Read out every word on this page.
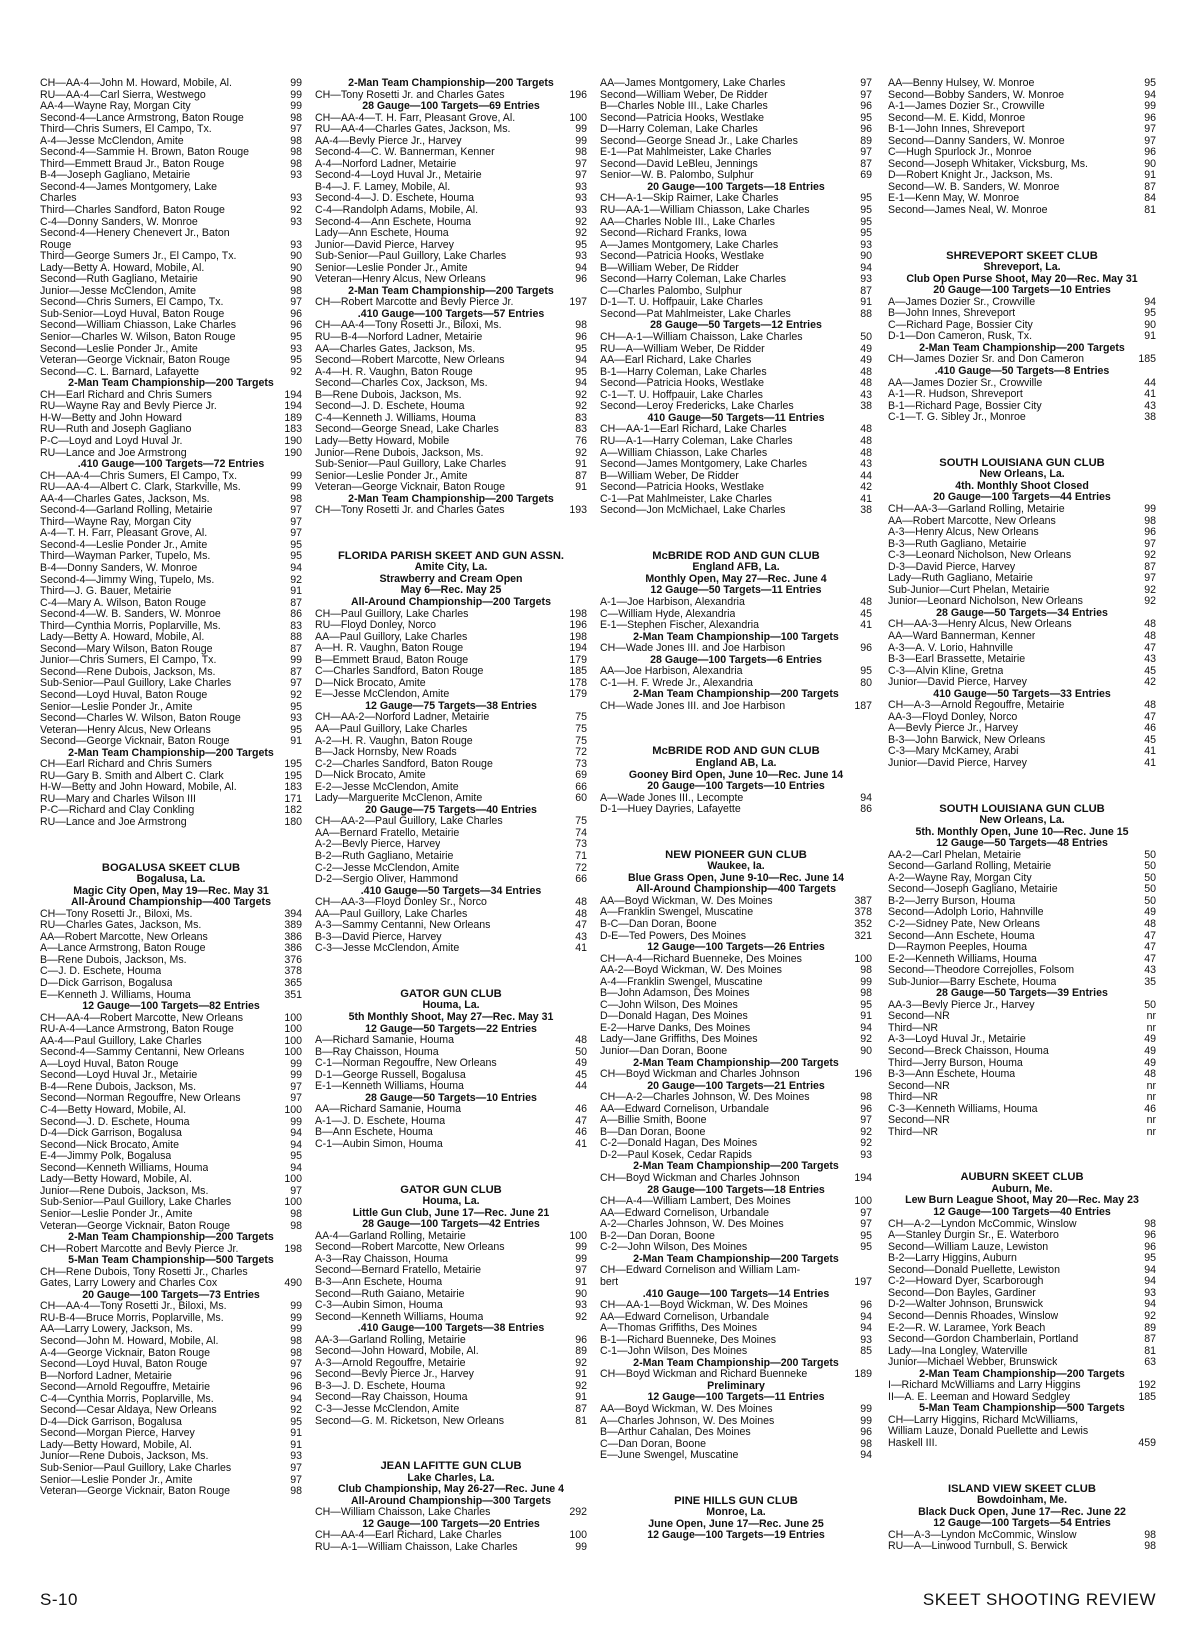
CH—AA-4—John M. Howard, Mobile, Al.	99
RU—AA-4—Carl Sierra, Westwego	99
AA-4—Wayne Ray, Morgan City	99
Second-4—Lance Armstrong, Baton Rouge	98
Third—Chris Sumers, El Campo, Tx.	97
A-4—Jesse McClendon, Amite	98
Second-4—Sammie H. Brown, Baton Rouge	98
Third—Emmett Braud Jr., Baton Rouge	98
B-4—Joseph Gagliano, Metairie	93
Second-4—James Montgomery, Lake
Charles	93
Third—Charles Sandford, Baton Rouge	92
C-4—Donny Sanders, W. Monroe	93
Second-4—Henery Chenevert Jr., Baton
Rouge	93
Third—George Sumers Jr., El Campo, Tx.	90
Lady—Betty A. Howard, Mobile, Al.	90
Second—Ruth Gagliano, Metairie	90
Junior—Jesse McClendon, Amite	98
Second—Chris Sumers, El Campo, Tx.	97
Sub-Senior—Loyd Huval, Baton Rouge	96
Second—William Chiasson, Lake Charles	96
Senior—Charles W. Wilson, Baton Rouge	95
Second—Leslie Ponder Jr., Amite	93
Veteran—George Vicknair, Baton Rouge	95
Second—C. L. Barnard, Lafayette	92
2-Man Team Championship—200 Targets
CH—Earl Richard and Chris Sumers	194
RU—Wayne Ray and Bevly Pierce Jr.	194
H-W—Betty and John Howard	189
RU—Ruth and Joseph Gagliano	183
P-C—Loyd and Loyd Huval Jr.	190
RU—Lance and Joe Armstrong	190
.410 Gauge—100 Targets—72 Entries
CH—AA-4—Chris Sumers, El Campo, Tx.	99
RU—AA-4—Albert C. Clark, Starkville, Ms.	99
AA-4—Charles Gates, Jackson, Ms.	98
Second-4—Garland Rolling, Metairie	97
Third—Wayne Ray, Morgan City	97
A-4—T. H. Farr, Pleasant Grove, Al.	97
Second-4—Leslie Ponder Jr., Amite	95
Third—Wayman Parker, Tupelo, Ms.	95
B-4—Donny Sanders, W. Monroe	94
Second-4—Jimmy Wing, Tupelo, Ms.	92
Third—J. G. Bauer, Metairie	91
C-4—Mary A. Wilson, Baton Rouge	87
Second-4—W. B. Sanders, W. Monroe	86
Third—Cynthia Morris, Poplarville, Ms.	83
Lady—Betty A. Howard, Mobile, Al.	88
Second—Mary Wilson, Baton Rouge	87
Junior—Chris Sumers, El Campo, Tx.	99
Second—Rene Dubois, Jackson, Ms.	87
Sub-Senior—Paul Guillory, Lake Charles	97
Second—Loyd Huval, Baton Rouge	92
Senior—Leslie Ponder Jr., Amite	95
Second—Charles W. Wilson, Baton Rouge	93
Veteran—Henry Alcus, New Orleans	95
Second—George Vicknair, Baton Rouge	91
2-Man Team Championship—200 Targets
CH—Earl Richard and Chris Sumers	195
RU—Gary B. Smith and Albert C. Clark	195
H-W—Betty and John Howard, Mobile, Al.	183
RU—Mary and Charles Wilson III	171
P-C—Richard and Clay Conkling	182
RU—Lance and Joe Armstrong	180
BOGALUSA SKEET CLUB
Bogalusa, La.
Magic City Open, May 19—Rec. May 31
All-Around Championship—400 Targets
CH—Tony Rosetti Jr., Biloxi, Ms.	394
RU—Charles Gates, Jackson, Ms.	389
AA—Robert Marcotte, New Orleans	386
A—Lance Armstrong, Baton Rouge	386
B—Rene Dubois, Jackson, Ms.	376
C—J. D. Eschete, Houma	378
D—Dick Garrison, Bogalusa	365
E—Kenneth J. Williams, Houma	351
12 Gauge—100 Targets—82 Entries
CH—AA-4—Robert Marcotte, New Orleans	100
RU-A-4—Lance Armstrong, Baton Rouge	100
AA-4—Paul Guillory, Lake Charles	100
Second-4—Sammy Centanni, New Orleans	100
A—Loyd Huval, Baton Rouge	99
Second—Loyd Huval Jr., Metairie	99
B-4—Rene Dubois, Jackson, Ms.	97
Second—Norman Regouffre, New Orleans	97
C-4—Betty Howard, Mobile, Al.	100
Second—J. D. Eschete, Houma	99
D-4—Dick Garrison, Bogalusa	94
Second—Nick Brocato, Amite	94
E-4—Jimmy Polk, Bogalusa	95
Second—Kenneth Williams, Houma	94
Lady—Betty Howard, Mobile, Al.	100
Junior—Rene Dubois, Jackson, Ms.	97
Sub-Senior—Paul Guillory, Lake Charles	100
Senior—Leslie Ponder Jr., Amite	98
Veteran—George Vicknair, Baton Rouge	98
2-Man Team Championship—200 Targets
CH—Robert Marcotte and Bevly Pierce Jr.	198
5-Man Team Championship—500 Targets
CH—Rene Dubois, Tony Rosetti Jr., Charles
Gates, Larry Lowery and Charles Cox	490
20 Gauge—100 Targets—73 Entries
CH—AA-4—Tony Rosetti Jr., Biloxi, Ms.	99
RU-B-4—Bruce Morris, Poplarville, Ms.	99
AA—Larry Lowery, Jackson, Ms.	99
Second—John M. Howard, Mobile, Al.	98
A-4—George Vicknair, Baton Rouge	98
Second—Loyd Huval, Baton Rouge	97
B—Norford Ladner, Metairie	96
Second—Arnold Regouffre, Metairie	96
C-4—Cynthia Morris, Poplarville, Ms.	94
Second—Cesar Aldaya, New Orleans	92
D-4—Dick Garrison, Bogalusa	95
Second—Morgan Pierce, Harvey	91
Lady—Betty Howard, Mobile, Al.	91
Junior—Rene Dubois, Jackson, Ms.	93
Sub-Senior—Paul Guillory, Lake Charles	97
Senior—Leslie Ponder Jr., Amite	97
Veteran—George Vicknair, Baton Rouge	98
2-Man Team Championship—200 Targets
CH—Tony Rosetti Jr. and Charles Gates	196
28 Gauge—100 Targets—69 Entries
CH—AA-4—T. H. Farr, Pleasant Grove, Al.	100
RU—AA-4—Charles Gates, Jackson, Ms.	99
AA-4—Bevly Pierce Jr., Harvey	99
Second-4—C. W. Bannerman, Kenner	98
A-4—Norford Ladner, Metairie	97
Second-4—Loyd Huval Jr., Metairie	97
B-4—J. F. Lamey, Mobile, Al.	93
Second-4—J. D. Eschete, Houma	93
C-4—Randolph Adams, Mobile, Al.	93
Second-4—Ann Eschete, Houma	92
Lady—Ann Eschete, Houma	92
Junior—David Pierce, Harvey	95
Sub-Senior—Paul Guillory, Lake Charles	93
Senior—Leslie Ponder Jr., Amite	94
Veteran—Henry Alcus, New Orleans	96
2-Man Team Championship—200 Targets
CH—Robert Marcotte and Bevly Pierce Jr.	197
.410 Gauge—100 Targets—57 Entries
CH—AA-4—Tony Rosetti Jr., Biloxi, Ms.	98
RU—B-4—Norford Ladner, Metairie	96
AA—Charles Gates, Jackson, Ms.	95
Second—Robert Marcotte, New Orleans	94
A-4—H. R. Vaughn, Baton Rouge	95
Second—Charles Cox, Jackson, Ms.	94
B—Rene Dubois, Jackson, Ms.	92
Second—J. D. Eschete, Houma	92
C-4—Kenneth J. Williams, Houma	83
Second—George Snead, Lake Charles	83
Lady—Betty Howard, Mobile	76
Junior—Rene Dubois, Jackson, Ms.	92
Sub-Senior—Paul Guillory, Lake Charles	91
Senior—Leslie Ponder Jr., Amite	87
Veteran—George Vicknair, Baton Rouge	91
2-Man Team Championship—200 Targets
CH—Tony Rosetti Jr. and Charles Gates	193
FLORIDA PARISH SKEET AND GUN ASSN.
Amite City, La.
Strawberry and Cream Open
May 6—Rec. May 25
All-Around Championship—200 Targets
CH—Paul Guillory, Lake Charles	198
RU—Floyd Donley, Norco	196
AA—Paul Guillory, Lake Charles	198
A—H. R. Vaughn, Baton Rouge	194
B—Emmett Braud, Baton Rouge	179
C—Charles Sandford, Baton Rouge	185
D—Nick Brocato, Amite	178
E—Jesse McClendon, Amite	179
12 Gauge—75 Targets—38 Entries
CH—AA-2—Norford Ladner, Metairie	75
AA—Paul Guillory, Lake Charles	75
A-2—H. R. Vaughn, Baton Rouge	75
B—Jack Hornsby, New Roads	72
C-2—Charles Sandford, Baton Rouge	73
D—Nick Brocato, Amite	69
E-2—Jesse McClendon, Amite	66
Lady—Marguerite McClenon, Amite	60
20 Gauge—75 Targets—40 Entries
CH—AA-2—Paul Guillory, Lake Charles	75
AA—Bernard Fratello, Metairie	74
A-2—Bevly Pierce, Harvey	73
B-2—Ruth Gagliano, Metairie	71
C-2—Jesse McClendon, Amite	72
D-2—Sergio Oliver, Hammond	66
.410 Gauge—50 Targets—34 Entries
CH—AA-3—Floyd Donley Sr., Norco	48
AA—Paul Guillory, Lake Charles	48
A-3—Sammy Centanni, New Orleans	47
B-3—David Pierce, Harvey	43
C-3—Jesse McClendon, Amite	41
GATOR GUN CLUB
Houma, La.
5th Monthly Shoot, May 27—Rec. May 31
12 Gauge—50 Targets—22 Entries
A—Richard Samanie, Houma	48
B—Ray Chaisson, Houma	50
C-1—Norman Regouffre, New Orleans	49
D-1—George Russell, Bogalusa	45
E-1—Kenneth Williams, Houma	44
28 Gauge—50 Targets—10 Entries
AA—Richard Samanie, Houma	46
A-1—J. D. Eschete, Houma	47
B—Ann Eschete, Houma	46
C-1—Aubin Simon, Houma	41
GATOR GUN CLUB
Houma, La.
Little Gun Club, June 17—Rec. June 21
28 Gauge—100 Targets—42 Entries
AA-4—Garland Rolling, Metairie	100
Second—Robert Marcotte, New Orleans	99
A-3—Ray Chaisson, Houma	99
Second—Bernard Fratello, Metairie	97
B-3—Ann Eschete, Houma	91
Second—Ruth Gaiano, Metairie	90
C-3—Aubin Simon, Houma	93
Second—Kenneth Williams, Houma	92
.410 Gauge—100 Targets—38 Entries
AA-3—Garland Rolling, Metairie	96
Second—John Howard, Mobile, Al.	89
A-3—Arnold Regouffre, Metairie	92
Second—Bevly Pierce Jr., Harvey	91
B-3—J. D. Eschete, Houma	92
Second—Ray Chaisson, Houma	91
C-3—Jesse McClendon, Amite	87
Second—G. M. Ricketson, New Orleans	81
JEAN LAFITTE GUN CLUB
Lake Charles, La.
Club Championship, May 26-27—Rec. June 4
All-Around Championship—300 Targets
CH—William Chaisson, Lake Charles	292
12 Gauge—100 Targets—20 Entries
CH—AA-4—Earl Richard, Lake Charles	100
RU—A-1—William Chaisson, Lake Charles	99
AA—James Montgomery, Lake Charles	97
Second—William Weber, De Ridder	97
B—Charles Noble III., Lake Charles	96
Second—Patricia Hooks, Westlake	95
D—Harry Coleman, Lake Charles	96
Second—George Snead Jr., Lake Charles	89
E-1—Pat Mahlmeister, Lake Charles	97
Second—David LeBleu, Jennings	87
Senior—W. B. Palombo, Sulphur	69
20 Gauge—100 Targets—18 Entries
CH—A-1—Skip Raimer, Lake Charles	95
RU—AA-1—William Chiasson, Lake Charles	95
AA—Charles Noble III., Lake Charles	95
Second—Richard Franks, Iowa	95
A—James Montgomery, Lake Charles	93
Second—Patricia Hooks, Westlake	90
B—William Weber, De Ridder	94
Second—Harry Coleman, Lake Charles	93
C—Charles Palombo, Sulphur	87
D-1—T. U. Hoffpauir, Lake Charles	91
Second—Pat Mahlmeister, Lake Charles	88
28 Gauge—50 Targets—12 Entries
CH—A-1—William Chaisson, Lake Charles	50
RU—A—William Weber, De Ridder	49
AA—Earl Richard, Lake Charles	49
B-1—Harry Coleman, Lake Charles	48
Second—Patricia Hooks, Westlake	48
C-1—T. U. Hoffpauir, Lake Charles	43
Second—Leroy Fredericks, Lake Charles	38
410 Gauge—50 Targets—11 Entries
CH—AA-1—Earl Richard, Lake Charles	48
RU—A-1—Harry Coleman, Lake Charles	48
A—William Chiasson, Lake Charles	48
Second—James Montgomery, Lake Charles	43
B—William Weber, De Ridder	44
Second—Patricia Hooks, Westlake	42
C-1—Pat Mahlmeister, Lake Charles	41
Second—Jon McMichael, Lake Charles	38
McBRIDE ROD AND GUN CLUB
England AFB, La.
Monthly Open, May 27—Rec. June 4
12 Gauge—50 Targets—11 Entries
A-1—Joe Harbison, Alexandria	48
C—William Hyde, Alexandria	45
E-1—Stephen Fischer, Alexandria	41
2-Man Team Championship—100 Targets
CH—Wade Jones III. and Joe Harbison	96
28 Gauge—100 Targets—6 Entries
AA—Joe Harbison, Alexandria	95
C-1—H. F. Wrede Jr., Alexandria	80
2-Man Team Championship—200 Targets
CH—Wade Jones III. and Joe Harbison	187
McBRIDE ROD AND GUN CLUB
England AB, La.
Gooney Bird Open, June 10—Rec. June 14
20 Gauge—100 Targets—10 Entries
A—Wade Jones III., Lecompte	94
D-1—Huey Dayries, Lafayette	86
NEW PIONEER GUN CLUB
Waukee, Ia.
Blue Grass Open, June 9-10—Rec. June 14
All-Around Championship—400 Targets
AA—Boyd Wickman, W. Des Moines	387
A—Franklin Swengel, Muscatine	378
B-C—Dan Doran, Boone	352
D-E—Ted Powers, Des Moines	321
12 Gauge—100 Targets—26 Entries
CH—A-4—Richard Buenneke, Des Moines	100
AA-2—Boyd Wickman, W. Des Moines	98
A-4—Franklin Swengel, Muscatine	99
B—John Adamson, Des Moines	98
C—John Wilson, Des Moines	95
D—Donald Hagan, Des Moines	91
E-2—Harve Danks, Des Moines	94
Lady—Jane Griffiths, Des Moines	92
Junior—Dan Doran, Boone	90
2-Man Team Championship—200 Targets
CH—Boyd Wickman and Charles Johnson	196
20 Gauge—100 Targets—21 Entries
CH—A-2—Charles Johnson, W. Des Moines	98
AA—Edward Cornelison, Urbandale	96
A—Billie Smith, Boone	97
B—Dan Doran, Boone	92
C-2—Donald Hagan, Des Moines	92
D-2—Paul Kosek, Cedar Rapids	93
2-Man Team Championship—200 Targets
CH—Boyd Wickman and Charles Johnson	194
28 Gauge—100 Targets—18 Entries
CH—A-4—William Lambert, Des Moines	100
AA—Edward Cornelison, Urbandale	97
A-2—Charles Johnson, W. Des Moines	97
B-2—Dan Doran, Boone	95
C-2—John Wilson, Des Moines	95
2-Man Team Championship—200 Targets
CH—Edward Cornelison and William Lam-
bert	197
.410 Gauge—100 Targets—14 Entries
CH—AA-1—Boyd Wickman, W. Des Moines	96
AA—Edward Cornelison, Urbandale	94
A—Thomas Griffiths, Des Moines	94
B-1—Richard Buenneke, Des Moines	93
C-1—John Wilson, Des Moines	85
2-Man Team Championship—200 Targets
CH—Boyd Wickman and Richard Buenneke	189
Preliminary
12 Gauge—100 Targets—11 Entries
AA—Boyd Wickman, W. Des Moines	99
A—Charles Johnson, W. Des Moines	99
B—Arthur Cahalan, Des Moines	96
C—Dan Doran, Boone	98
E—June Swengel, Muscatine	94
PINE HILLS GUN CLUB
Monroe, La.
June Open, June 17—Rec. June 25
12 Gauge—100 Targets—19 Entries
AA—Benny Hulsey, W. Monroe	95
Second—Bobby Sanders, W. Monroe	94
A-1—James Dozier Sr., Crowville	99
Second—M. E. Kidd, Monroe	96
B-1—John Innes, Shreveport	97
Second—Danny Sanders, W. Monroe	97
C—Hugh Spurlock Jr., Monroe	96
Second—Joseph Whitaker, Vicksburg, Ms.	90
D—Robert Knight Jr., Jackson, Ms.	91
Second—W. B. Sanders, W. Monroe	87
E-1—Kenn May, W. Monroe	84
Second—James Neal, W. Monroe	81
SHREVEPORT SKEET CLUB
Shreveport, La.
Club Open Purse Shoot, May 20—Rec. May 31
20 Gauge—100 Targets—10 Entries
A—James Dozier Sr., Crowville	94
B—John Innes, Shreveport	95
C—Richard Page, Bossier City	90
D-1—Don Cameron, Rusk, Tx.	91
2-Man Team Championship—200 Targets
CH—James Dozier Sr. and Don Cameron	185
.410 Gauge—50 Targets—8 Entries
AA—James Dozier Sr., Crowville	44
A-1—R. Hudson, Shreveport	41
B-1—Richard Page, Bossier City	43
C-1—T. G. Sibley Jr., Monroe	38
SOUTH LOUISIANA GUN CLUB
New Orleans, La.
4th. Monthly Shoot Closed
20 Gauge—100 Targets—44 Entries
CH—AA-3—Garland Rolling, Metairie	99
AA—Robert Marcotte, New Orleans	98
A-3—Henry Alcus, New Orleans	96
B-3—Ruth Gagliano, Metairie	97
C-3—Leonard Nicholson, New Orleans	92
D-3—David Pierce, Harvey	87
Lady—Ruth Gagliano, Metairie	97
Sub-Junior—Curt Phelan, Metairie	92
Junior—Leonard Nicholson, New Orleans	92
28 Gauge—50 Targets—34 Entries
CH—AA-3—Henry Alcus, New Orleans	48
AA—Ward Bannerman, Kenner	48
A-3—A. V. Lorio, Hahnville	47
B-3—Earl Brassette, Metairie	43
C-3—Alvin Kline, Gretna	45
Junior—David Pierce, Harvey	42
410 Gauge—50 Targets—33 Entries
CH—A-3—Arnold Regouffre, Metairie	48
AA-3—Floyd Donley, Norco	47
A—Bevly Pierce Jr., Harvey	46
B-3—John Barwick, New Orleans	45
C-3—Mary McKamey, Arabi	41
Junior—David Pierce, Harvey	41
SOUTH LOUISIANA GUN CLUB
New Orleans, La.
5th. Monthly Open, June 10—Rec. June 15
12 Gauge—50 Targets—48 Entries
AA-2—Carl Phelan, Metairie	50
Second—Garland Rolling, Metairie	50
A-2—Wayne Ray, Morgan City	50
Second—Joseph Gagliano, Metairie	50
B-2—Jerry Burson, Houma	50
Second—Adolph Lorio, Hahnville	49
C-2—Sidney Pate, New Orleans	48
Second—Ann Eschete, Houma	47
D—Raymon Peeples, Houma	47
E-2—Kenneth Williams, Houma	47
Second—Theodore Correjolles, Folsom	43
Sub-Junior—Barry Eschete, Houma	35
28 Gauge—50 Targets—39 Entries
AA-3—Bevly Pierce Jr., Harvey	50
Second—NR	nr
Third—NR	nr
A-3—Loyd Huval Jr., Metairie	49
Second—Breck Chaisson, Houma	49
Third—Jerry Burson, Houma	49
B-3—Ann Eschete, Houma	48
Second—NR	nr
Third—NR	nr
C-3—Kenneth Williams, Houma	46
Second—NR	nr
Third—NR	nr
AUBURN SKEET CLUB
Auburn, Me.
Lew Burn League Shoot, May 20—Rec. May 23
12 Gauge—100 Targets—40 Entries
CH—A-2—Lyndon McCommic, Winslow	98
A—Stanley Durgin Sr., E. Waterboro	96
Second—William Lauze, Lewiston	96
B-2—Larry Higgins, Auburn	95
Second—Donald Puellette, Lewiston	94
C-2—Howard Dyer, Scarborough	94
Second—Don Bayles, Gardiner	93
D-2—Walter Johnson, Brunswick	94
Second—Dennis Rhoades, Winslow	92
E-2—R. W. Laramee, York Beach	89
Second—Gordon Chamberlain, Portland	87
Lady—Ina Longley, Waterville	81
Junior—Michael Webber, Brunswick	63
2-Man Team Championship—200 Targets
I—Richard McWilliams and Larry Higgins	192
II—A. E. Leeman and Howard Sedgley	185
5-Man Team Championship—500 Targets
CH—Larry Higgins, Richard McWilliams,
William Lauze, Donald Puellette and Lewis
Haskell III.	459
ISLAND VIEW SKEET CLUB
Bowdoinham, Me.
Black Duck Open, June 17—Rec. June 22
12 Gauge—100 Targets—54 Entries
CH—A-3—Lyndon McCommic, Winslow	98
RU—A—Linwood Turnbull, S. Berwick	98
S-10	SKEET SHOOTING REVIEW
